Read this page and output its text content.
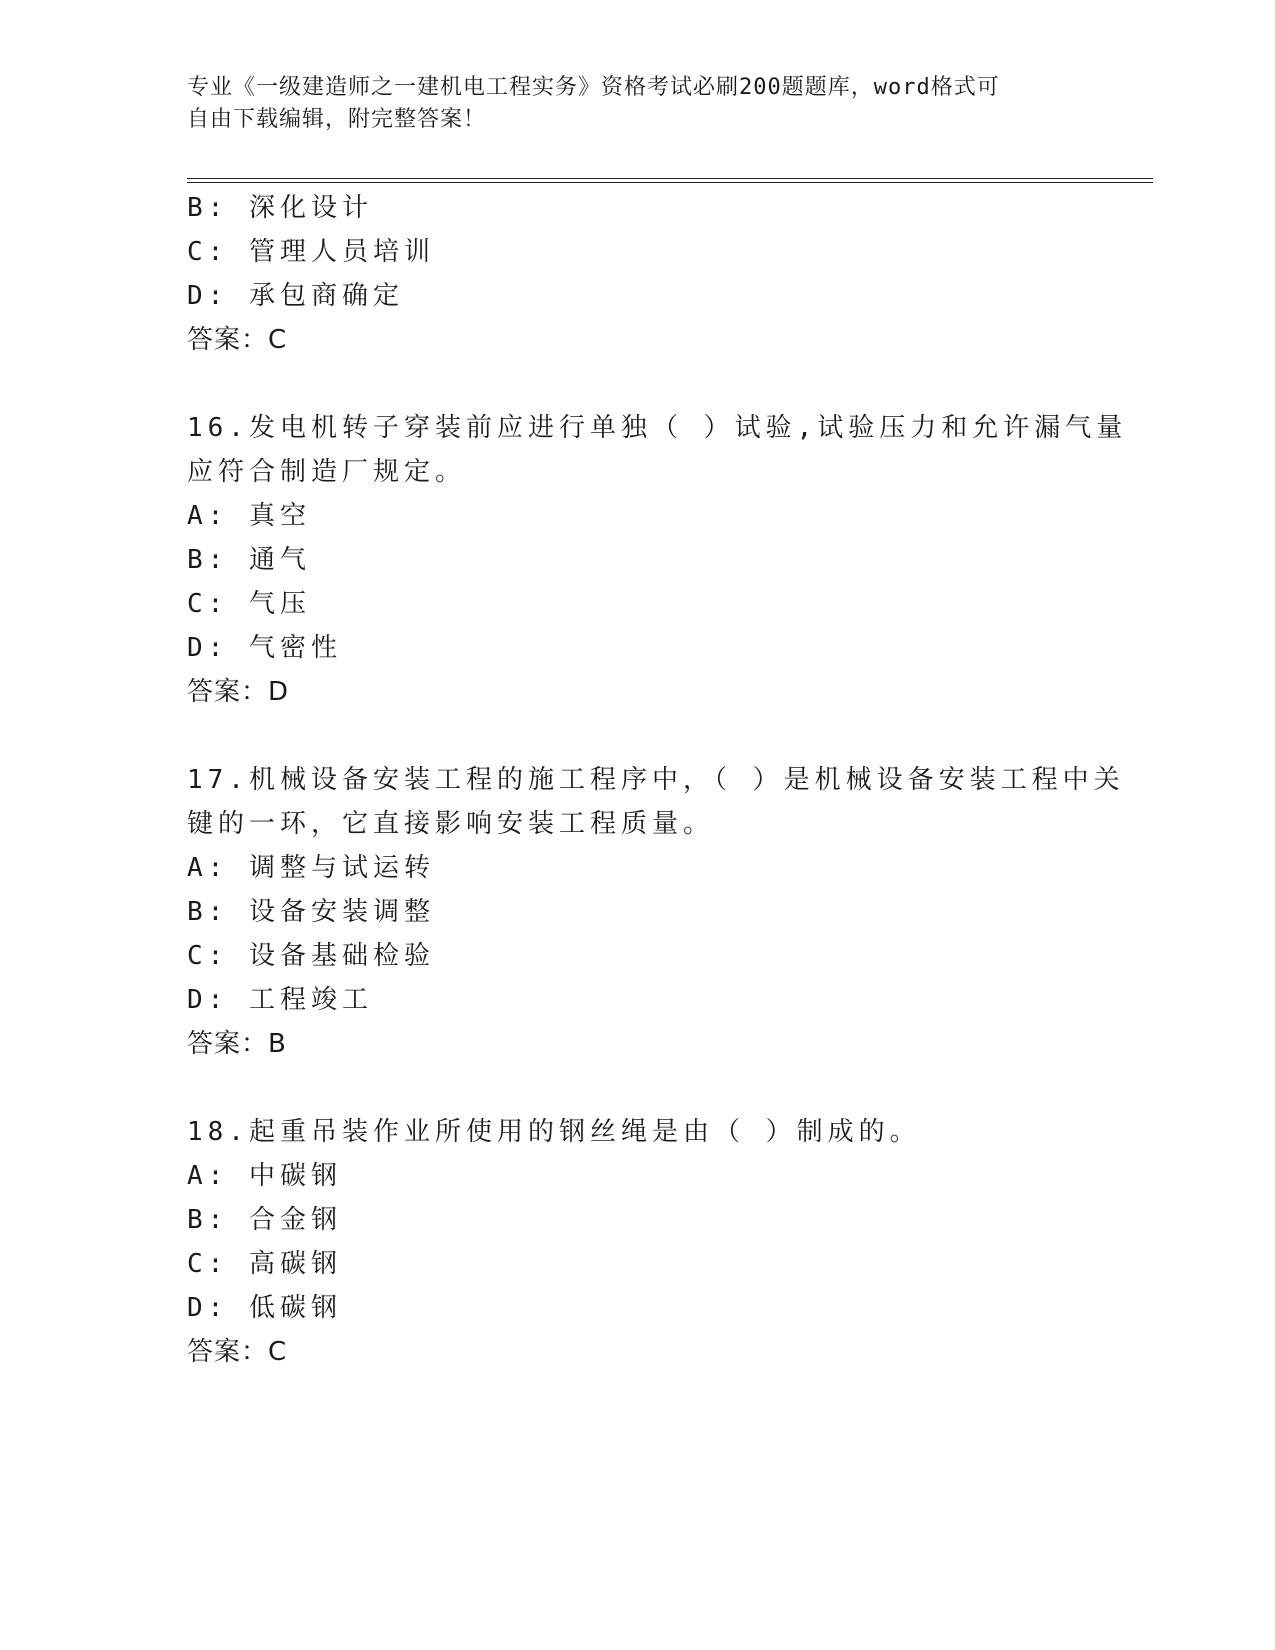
专业《一级建造师之一建机电工程实务》资格考试必刷200题题库，word格式可

自由下载编辑，附完整答案！

B: 深化设计
C: 管理人员培训
D: 承包商确定
答案：C
16.发电机转子穿装前应进行单独（ ）试验,试验压力和允许漏气量
应符合制造厂规定。
A: 真空
B: 通气
C: 气压
D: 气密性
答案：D
17.机械设备安装工程的施工程序中，（ ）是机械设备安装工程中关
键的一环，它直接影响安装工程质量。
A: 调整与试运转
B: 设备安装调整
C: 设备基础检验
D: 工程竣工
答案：B
18.起重吊装作业所使用的钢丝绳是由（ ）制成的。
A: 中碳钢
B: 合金钢
C: 高碳钢
D: 低碳钢
答案：C
